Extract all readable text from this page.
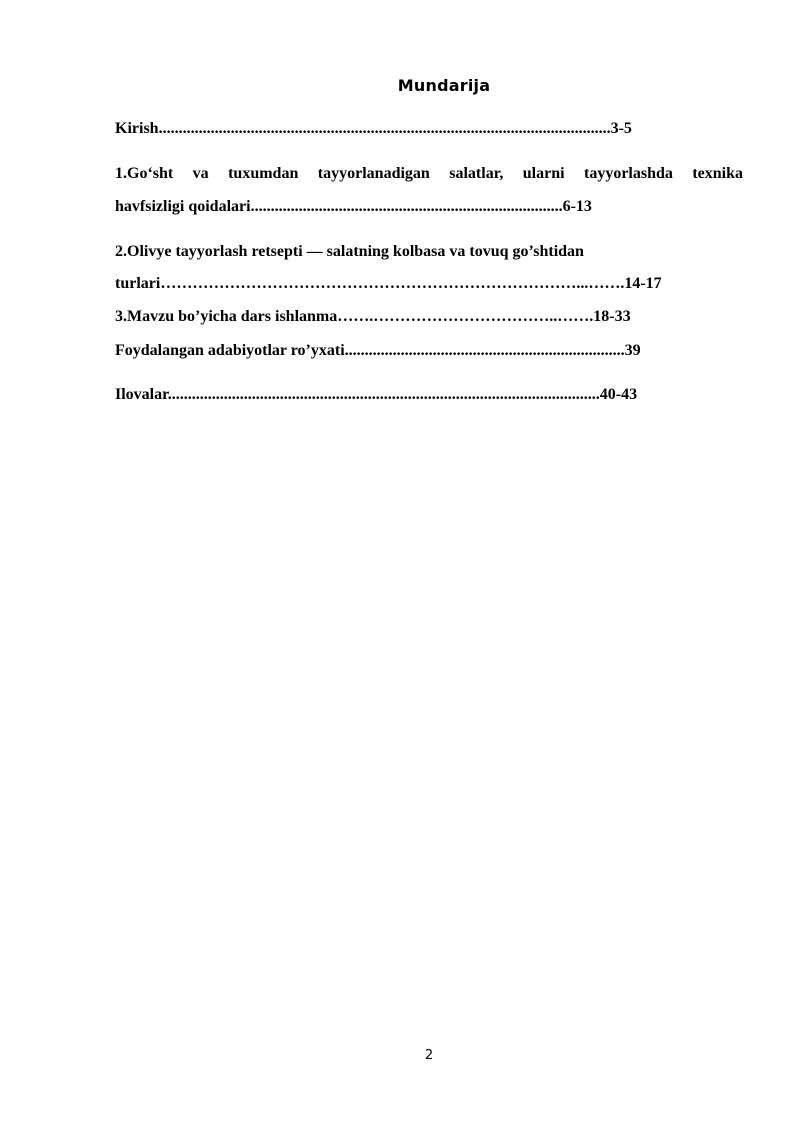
Mundarija
Kirish.................................................................................................................3-5
1.Go‘sht va tuxumdan tayyorlanadigan salatlar, ularni tayyorlashda texnika
havfsizligi qoidalari..............................................................................6-13
2.Olivye tayyorlash retsepti — salatning kolbasa va tovuq go’shtidan
turlari……………………………………………………………………...…….14-17
3.Mavzu bo’yicha dars ishlanma…….……………………………..…….18-33
Foydalangan adabiyotlar ro’yxati......................................................................39
Ilovalar............................................................................................................40-43
2
